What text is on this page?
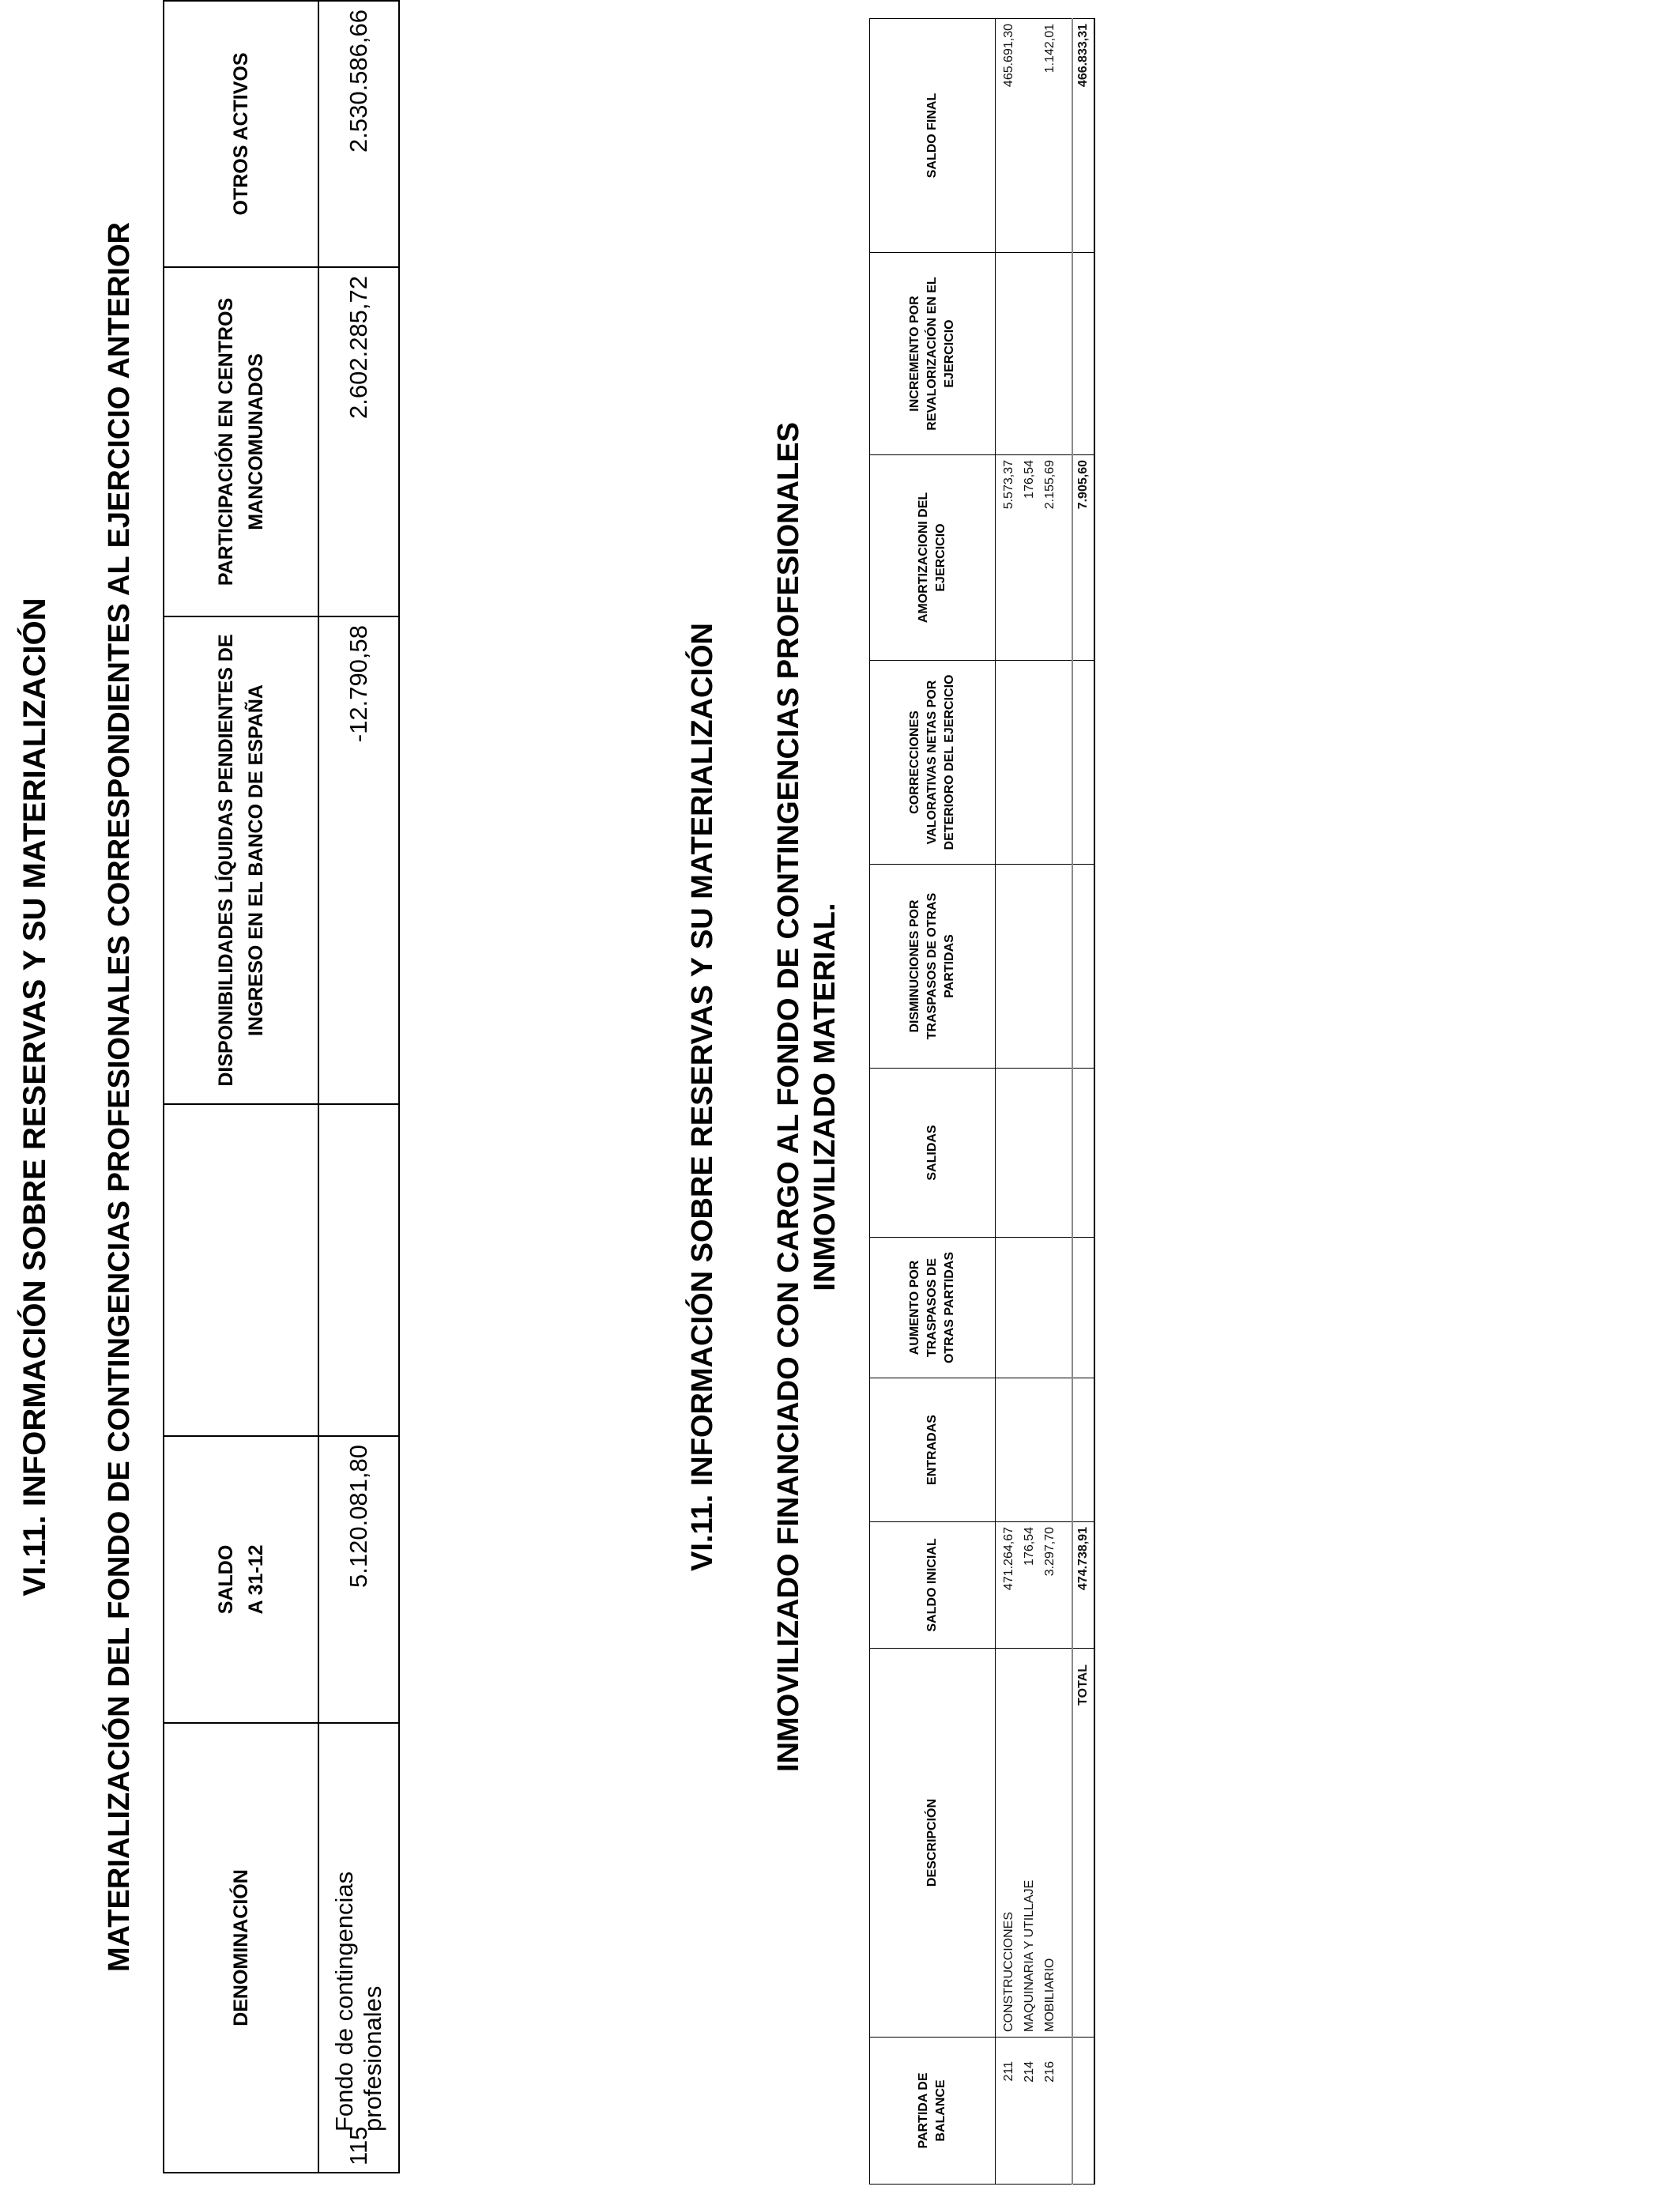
VI.11. INFORMACIÓN SOBRE RESERVAS Y SU MATERIALIZACIÓN MATERIALIZACIÓN DEL FONDO DE CONTINGENCIAS PROFESIONALES CORRESPONDIENTES AL EJERCICIO ANTERIOR	DENOMINACIÓN		SALDO A 31-12		DISPONIBILIDADES LÍQUIDAS PENDIENTES DE INGRESO EN EL BANCO DE ESPAÑA	PARTICIPACIÓN EN CENTROS MANCOMUNADOS	OTROS ACTIVOS
115	Fondo de contingencias profesionales	5.120.081,80		-12.790,58	2.602.285,72	2.530.586,66
VI.11. INFORMACIÓN SOBRE RESERVAS Y SU MATERIALIZACIÓN INMOVILIZADO FINANCIADO CON CARGO AL FONDO DE CONTINGENCIAS PROFESIONALES INMOVILIZADO MATERIAL.
PARTIDA DE BALANCE	DESCRIPCIÓN	SALDO INICIAL	ENTRADAS	AUMENTO POR TRASPASOS DE OTRAS PARTIDAS	SALIDAS	DISMINUCIONES POR TRASPASOS DE OTRAS PARTIDAS	CORRECCIONES VALORATIVAS NETAS POR DETERIORO DEL EJERCICIO	AMORTIZACIONI DEL EJERCICIO	INCREMENTO POR REVALORIZACIÓN EN EL EJERCICIO	SALDO FINAL
211	CONSTRUCCIONES	471.264,67						5.573,37		465.691,30
214	MAQUINARIA Y UTILLAJE	176,54						176,54		
216	MOBILIARIO	3.297,70						2.155,69		1.142,01

	TOTAL	474.738,91						7.905,60		466.833,31
